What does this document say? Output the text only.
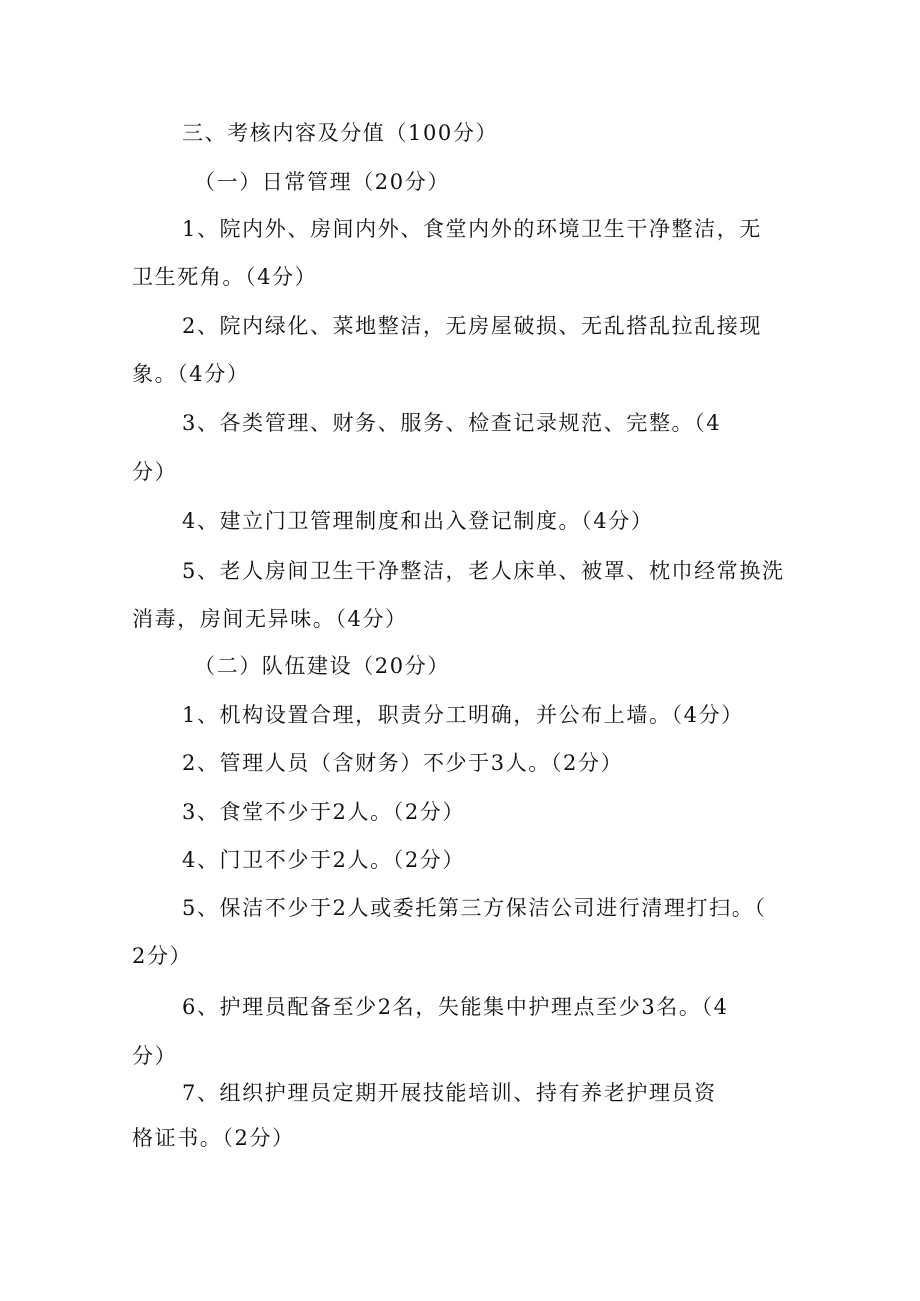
三、考核内容及分值（100分）

（一）日常管理（20分）

1、院内外、房间内外、食堂内外的环境卫生干净整洁，无

卫生死角。（4分）

2、院内绿化、菜地整洁，无房屋破损、无乱搭乱拉乱接现

象。（4分）

3、各类管理、财务、服务、检查记录规范、完整。（4

分）

4、建立门卫管理制度和出入登记制度。（4分）

5、老人房间卫生干净整洁，老人床单、被罩、枕巾经常换洗

消毒，房间无异味。（4分）

（二）队伍建设（20分）

1、机构设置合理，职责分工明确，并公布上墙。（4分）

2、管理人员（含财务）不少于3人。（2分）

3、食堂不少于2人。（2分）

4、门卫不少于2人。（2分）

5、保洁不少于2人或委托第三方保洁公司进行清理打扫。（

2分）

6、护理员配备至少2名，失能集中护理点至少3名。（4

分）

7、组织护理员定期开展技能培训、持有养老护理员资

格证书。（2分）
